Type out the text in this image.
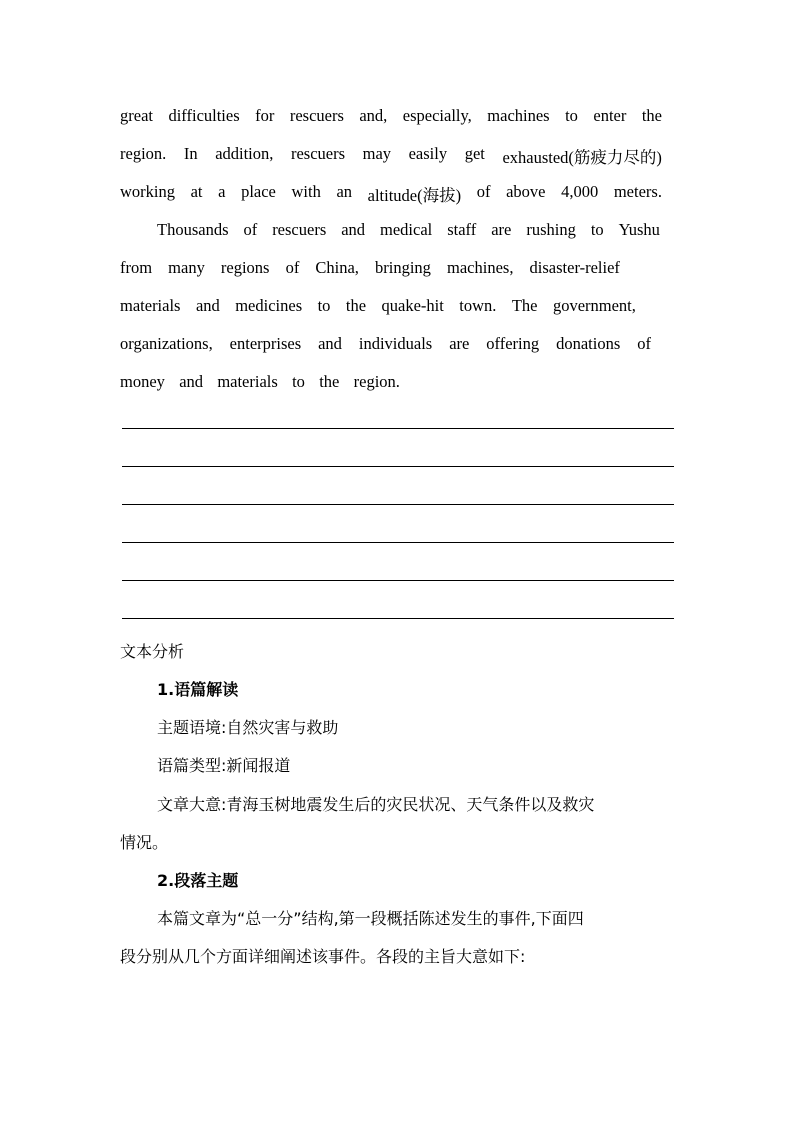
great difficulties for rescuers and, especially, machines to enter the
region. In addition, rescuers may easily get exhausted(筋疲力尽的)
working at a place with an altitude(海拔) of above 4,000 meters.
Thousands of rescuers and medical staff are rushing to Yushu
from many regions of China, bringing machines, disaster-relief
materials and medicines to the quake-hit town. The government,
organizations, enterprises and individuals are offering donations of
money and materials to the region.
文本分析
1.语篇解读
主题语境:自然灾害与救助
语篇类型:新闻报道
文章大意:青海玉树地震发生后的灾民状况、天气条件以及救灾
情况。
2.段落主题
本篇文章为“总一分”结构,第一段概括陈述发生的事件,下面四
段分别从几个方面详细阐述该事件。各段的主旨大意如下:
